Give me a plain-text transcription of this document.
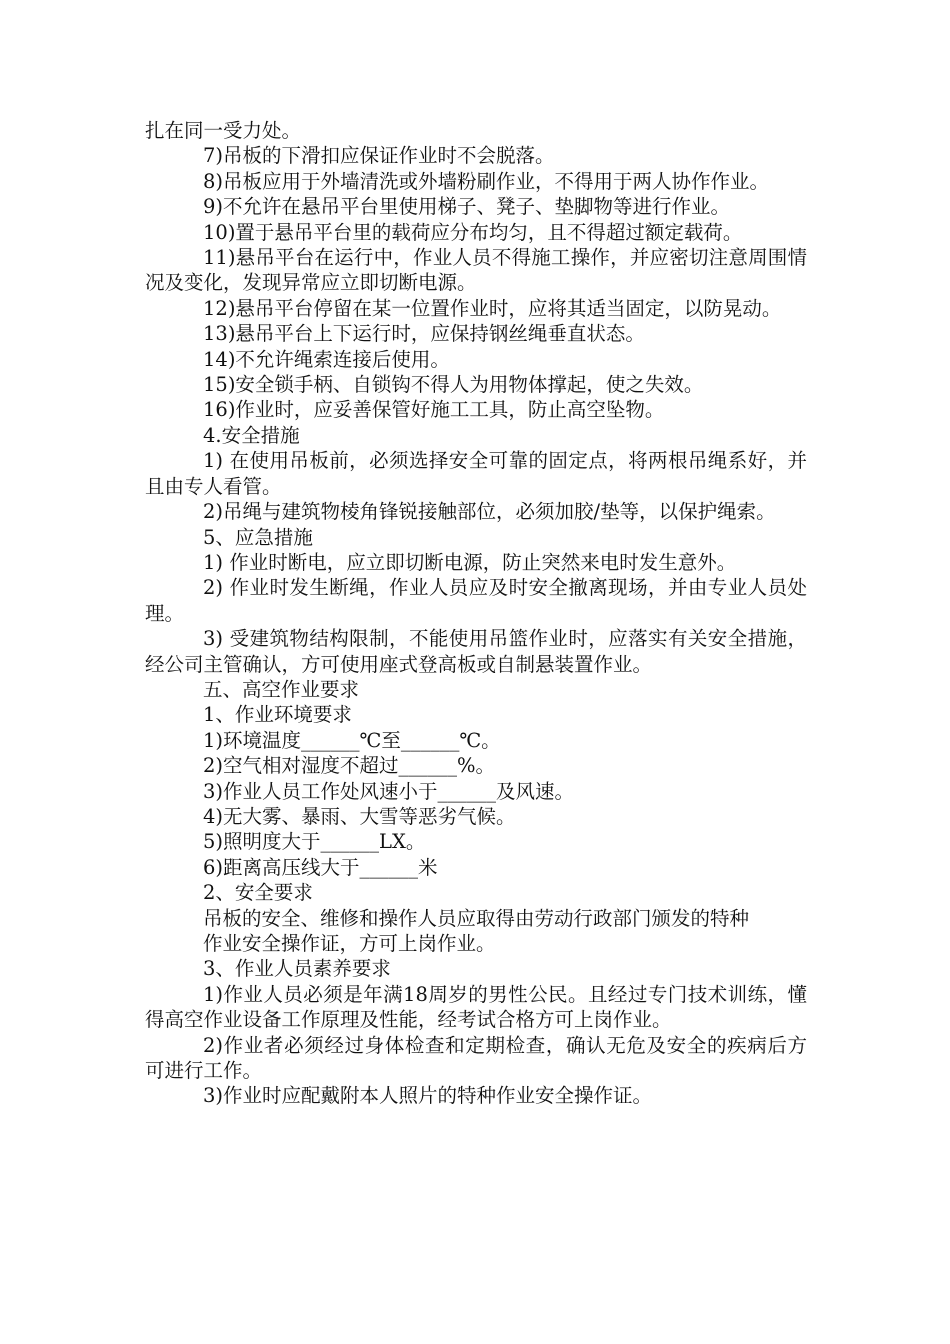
扎在同一受力处。

7)吊板的下滑扣应保证作业时不会脱落。

8)吊板应用于外墙清洗或外墙粉刷作业，不得用于两人协作作业。

9)不允许在悬吊平台里使用梯子、凳子、垫脚物等进行作业。

10)置于悬吊平台里的载荷应分布均匀，且不得超过额定载荷。

11)悬吊平台在运行中，作业人员不得施工操作，并应密切注意周围情况及变化，发现异常应立即切断电源。

12)悬吊平台停留在某一位置作业时，应将其适当固定，以防晃动。

13)悬吊平台上下运行时，应保持钢丝绳垂直状态。

14)不允许绳索连接后使用。

15)安全锁手柄、自锁钩不得人为用物体撑起，使之失效。

16)作业时，应妥善保管好施工工具，防止高空坠物。

4.安全措施

1) 在使用吊板前，必须选择安全可靠的固定点，将两根吊绳系好，并且由专人看管。

2)吊绳与建筑物棱角锋锐接触部位，必须加胶/垫等，以保护绳索。

5、应急措施

1) 作业时断电，应立即切断电源，防止突然来电时发生意外。

2) 作业时发生断绳，作业人员应及时安全撤离现场，并由专业人员处理。

3) 受建筑物结构限制，不能使用吊篮作业时，应落实有关安全措施，经公司主管确认，方可使用座式登高板或自制悬装置作业。

五、高空作业要求

1、作业环境要求

1)环境温度______℃至______℃。

2)空气相对湿度不超过______%。

3)作业人员工作处风速小于______及风速。

4)无大雾、暴雨、大雪等恶劣气候。

5)照明度大于______LX。

6)距离高压线大于______米

2、安全要求

吊板的安全、维修和操作人员应取得由劳动行政部门颁发的特种

作业安全操作证，方可上岗作业。

3、作业人员素养要求

1)作业人员必须是年满18周岁的男性公民。且经过专门技术训练，懂得高空作业设备工作原理及性能，经考试合格方可上岗作业。

2)作业者必须经过身体检查和定期检查，确认无危及安全的疾病后方可进行工作。

3)作业时应配戴附本人照片的特种作业安全操作证。
